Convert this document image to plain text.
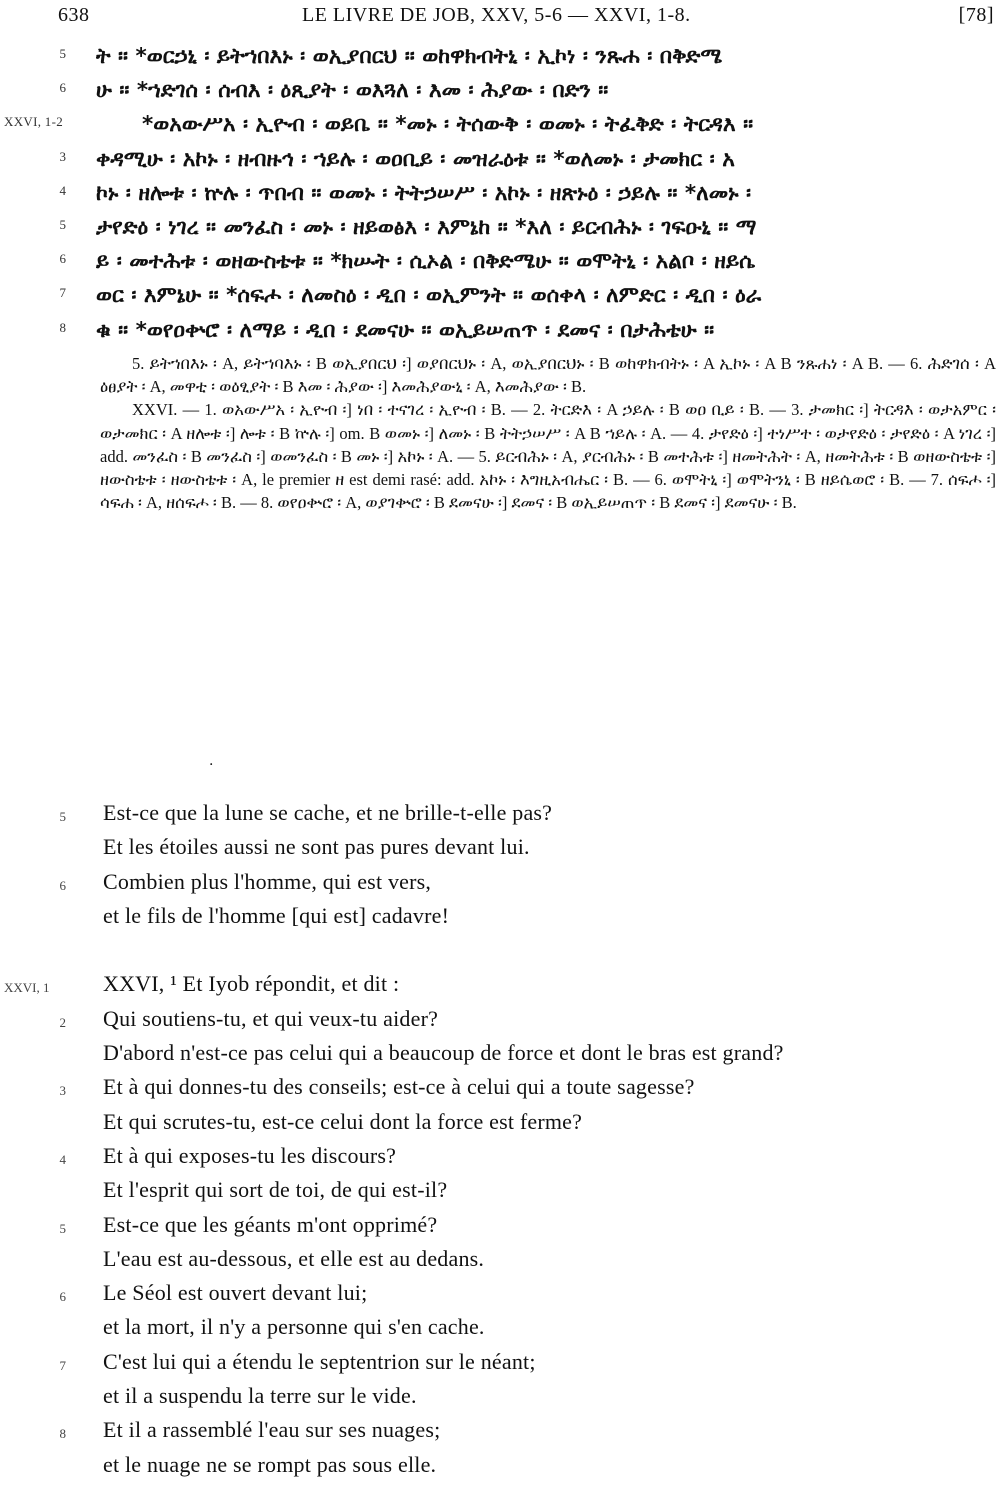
638	LE LIVRE DE JOB, XXV, 5-6 — XXVI, 1-8.	[78]
5 ት ። *ወርኃኒ ፡ ይትኀበእኑ ፡ ወኢያበርህ ። ወከዋክብትኒ ፡ ኢኮነ ፡ ንጹሐ ፡ በቅድሜ
6 ሁ ። *ኀድገሰ ፡ ሰብእ ፡ ዕጺያት ፡ ወእጓለ ፡ እመ ፡ ሕያው ፡ በድን ።
XXVI, 1-2	*ወአውሥአ ፡ ኢዮብ ፡ ወይቤ ። *መኑ ፡ ትሰውቅ ፡ ወመኑ ፡ ትፈቅድ ፡ ትርዳእ ።
3 ቀዳሚሁ ፡ አኮኑ ፡ ዘብዙኅ ፡ ኀይሉ ፡ ወዐቢይ ፡ መዝራዕቱ ። *ወለመኑ ፡ ታመክር ፡ አ
4 ኮኑ ፡ ዘሎቱ ፡ ኵሉ ፡ ጥበብ ። ወመኑ ፡ ትትኃሠሥ ፡ አኮኑ ፡ ዘጽኑዕ ፡ ኃይሉ ። *ለመኑ ፡
5 ታየድዕ ፡ ነገረ ። መንፈስ ፡ መኑ ፡ ዘይወፅእ ፡ እምኔከ ። *እለ ፡ ይርብሕኑ ፡ ገፍዑኒ ። ማ
6 ይ ፡ መተሕቱ ፡ ወዘውስቴቱ ። *ክሡት ፡ ሲኦል ፡ በቅድሜሁ ። ወሞትኒ ፡ አልቦ ፡ ዘይሴ
7 ወር ፡ እምኔሁ ። *ሰፍሖ ፡ ለመስዕ ፡ ዲበ ፡ ወኢምንት ። ወሰቀላ ፡ ለምድር ፡ ዲበ ፡ ዕራ
8 ቁ ። *ወየዐቍሮ ፡ ለማይ ፡ ዲበ ፡ ደመናሁ ። ወኢይሠጠጥ ፡ ደመና ፡ በታሕቴሁ ።

5. ይትኀበእኑ ፡ A, ይትኀባእኑ ፡ B ወኢያበርህ ፡] ወያበርህኑ ፡ A, ወኢያበርህኑ ፡ B ወከዋክብትኑ ፡ A ኢኮኑ ፡ A B ንጹሐነ ፡ A B. — 6. ሕድገሰ ፡ A ዕፀያት ፡ A, መዋቲ ፡ ወዕፂያት ፡ B እመ ፡ ሕያው ፡] እመሕያውኒ ፡ A, እመሕያው ፡ B.

XXVI. — 1. ወአውሥአ ፡ ኢዮብ ፡] ነበ ፡ ተናገረ ፡ ኢዮብ ፡ B. — 2. ትርድእ ፡ A ኃይሉ ፡ B ወዐ ቢይ ፡ B. — 3. ታመክር ፡] ትርዳእ ፡ ወታአምር ፡ ወታመክር ፡ A ዘሎቱ ፡] ሎቱ ፡ B ኵሉ ፡] om. B ወመኑ ፡] ለመኑ ፡ B ትትኃሠሥ ፡ A B ኀይሉ ፡ A. — 4. ታየድዕ ፡] ተነሥተ ፡ ወታየድዕ ፡ ታየድዕ ፡ A ነገረ ፡] add. መንፈስ ፡ B መንፈስ ፡] ወመንፈስ ፡ B መኑ ፡] አኮኑ ፡ A. — 5. ይርብሕኑ ፡ A, ያርብሕኑ ፡ B መተሕቱ ፡] ዘመትሕት ፡ A, ዘመትሕቱ ፡ B ወዘውስቴቱ ፡] ዘውስቴቱ ፡ ዘውስቴቱ ፡ A, le premier ዘ est demi rasé: add. አኮኑ ፡ እግዚአብሔር ፡ B. — 6. ወሞትኒ ፡] ወሞትንኒ ፡ B ዘይሴወሮ ፡ B. — 7. ሰፍሖ ፡] ሳፍሐ ፡ A, ዘሰፍሖ ፡ B. — 8. ወየዐቍሮ ፡ A, ወያገቍሮ ፡ B ደመናሁ ፡] ደመና ፡ B ወኢይሠጠጥ ፡ B ደመና ፡] ደመናሁ ፡ B.

·
5 Est-ce que la lune se cache, et ne brille-t-elle pas?
Et les étoiles aussi ne sont pas pures devant lui.
6 Combien plus l'homme, qui est vers,
et le fils de l'homme [qui est] cadavre!
XXVI, 1 XXVI, ¹ Et Iyob répondit, et dit :
2 Qui soutiens-tu, et qui veux-tu aider?
D'abord n'est-ce pas celui qui a beaucoup de force et dont le bras est grand?
3 Et à qui donnes-tu des conseils; est-ce à celui qui a toute sagesse?
Et qui scrutes-tu, est-ce celui dont la force est ferme?
4 Et à qui exposes-tu les discours?
Et l'esprit qui sort de toi, de qui est-il?
5 Est-ce que les géants m'ont opprimé?
L'eau est au-dessous, et elle est au dedans.
6 Le Séol est ouvert devant lui;
et la mort, il n'y a personne qui s'en cache.
7 C'est lui qui a étendu le septentrion sur le néant;
et il a suspendu la terre sur le vide.
8 Et il a rassemblé l'eau sur ses nuages;
et le nuage ne se rompt pas sous elle.
